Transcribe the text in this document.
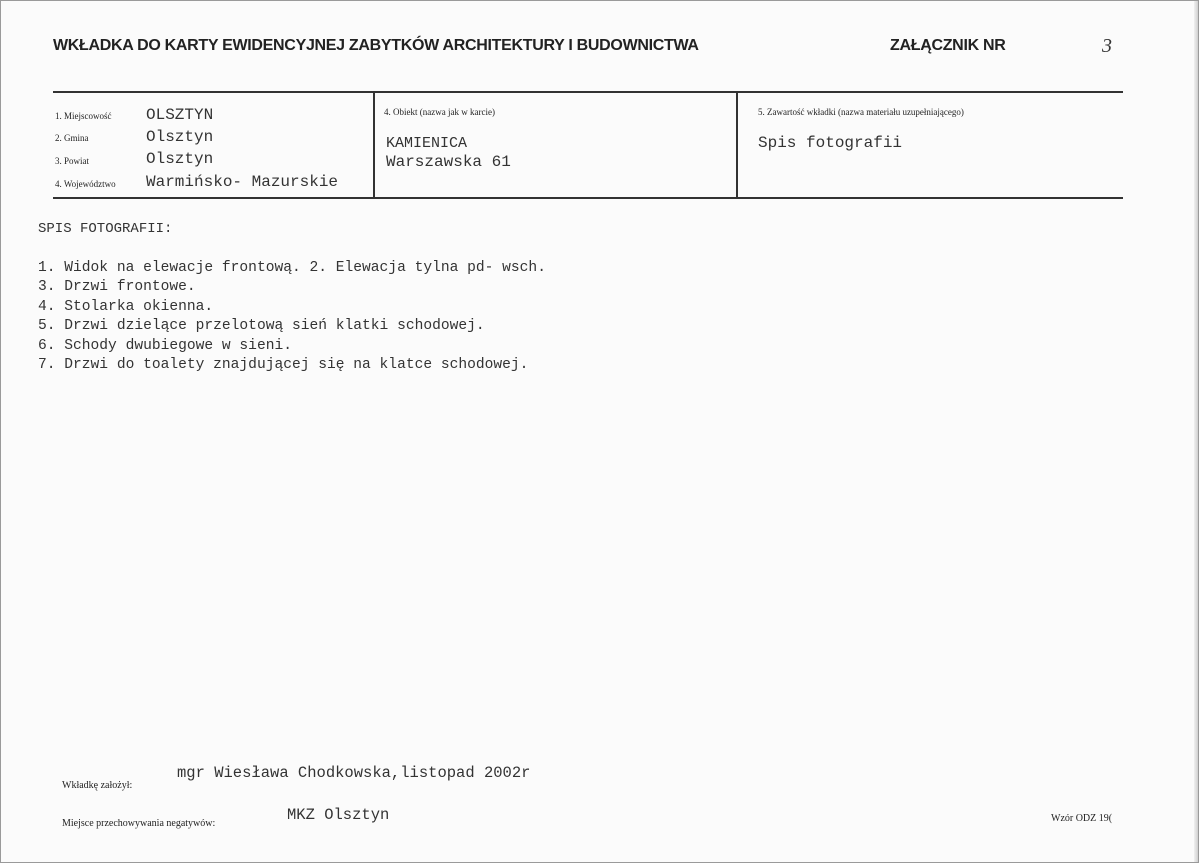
WKŁADKA DO KARTY EWIDENCYJNEJ ZABYTKÓW ARCHITEKTURY I BUDOWNICTWA	ZAŁĄCZNIK NR	3
1. Miejscowość OLSZTYN
2. Gmina	Olsztyn
3. Powiat	Olsztyn
4. Województwo Warmińsko- Mazurskie
4. Obiekt (nazwa jak w karcie)
KAMIENICA
Warszawska 61
5. Zawartość wkładki (nazwa materiału uzupełniającego)
Spis fotografii
SPIS FOTOGRAFII:
1. Widok na elewacje frontową. 2. Elewacja tylna pd- wsch.
3. Drzwi frontowe.
4. Stolarka okienna.
5. Drzwi dzielące przelotową sień klatki schodowej.
6. Schody dwubiegowe w sieni.
7. Drzwi do toalety znajdującej się na klatce schodowej.
Wkładkę założył:
mgr Wiesława Chodkowska,listopad 2002r
Miejsce przechowywania negatywów:	MKZ Olsztyn	Wzór ODZ 19(
